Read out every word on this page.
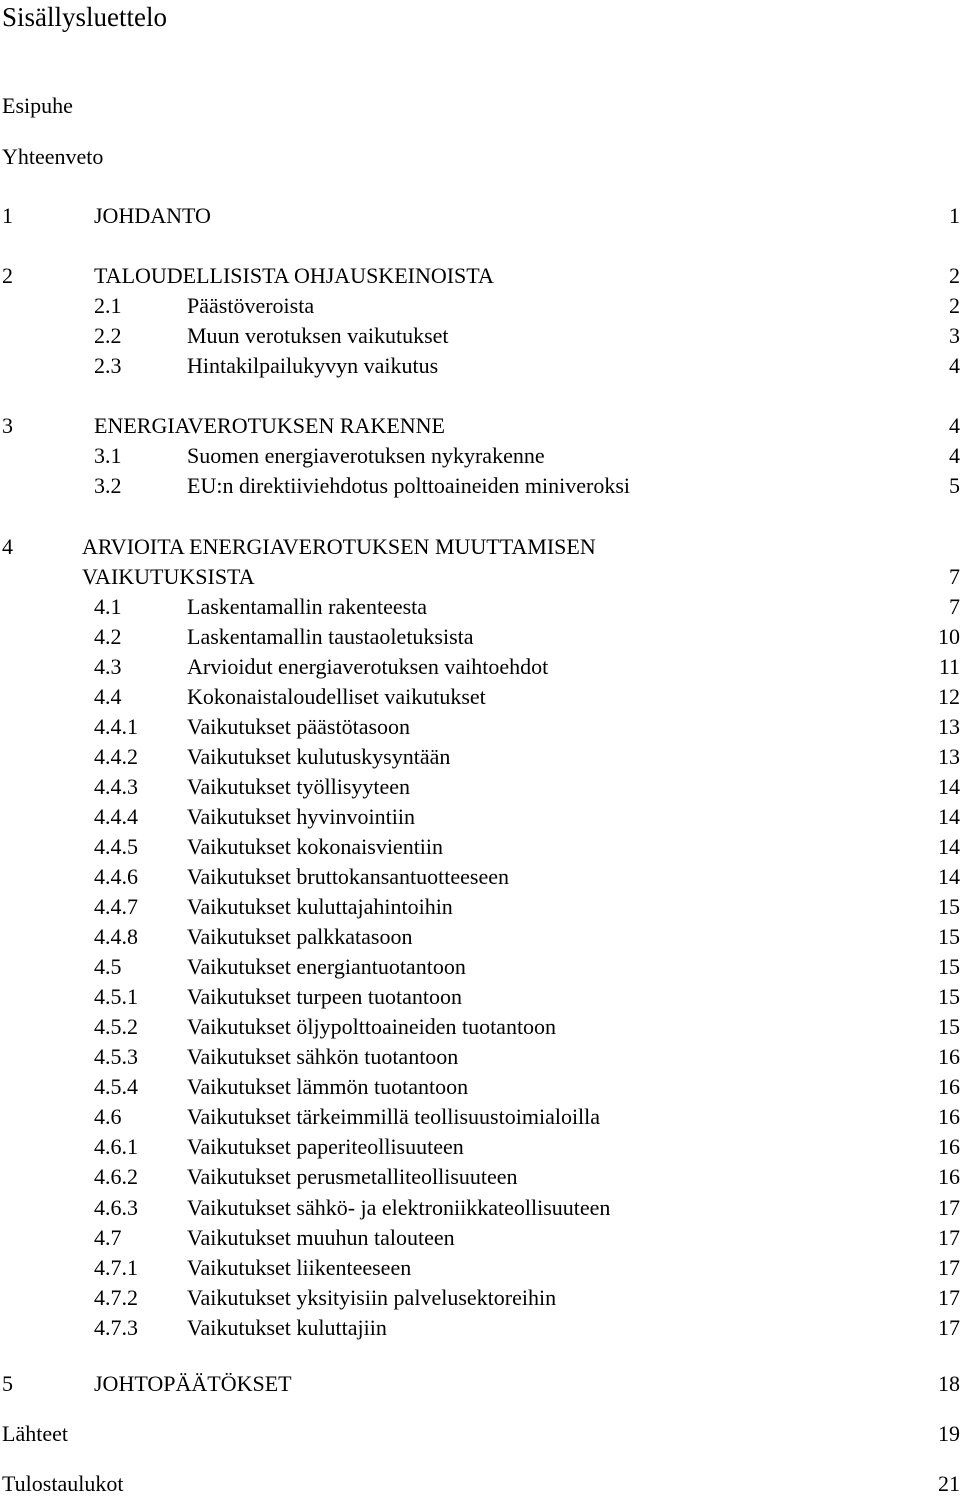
Sisällysluettelo
Esipuhe
Yhteenveto
1	JOHDANTO	1
2	TALOUDELLISISTA OHJAUSKEINOISTA	2
2.1	Päästöveroista	2
2.2	Muun verotuksen vaikutukset	3
2.3	Hintakilpailukyvyn vaikutus	4
3	ENERGIAVEROTUKSEN RAKENNE	4
3.1	Suomen energiaverotuksen nykyrakenne	4
3.2	EU:n direktiiviehdotus polttoaineiden miniveroksi	5
4	ARVIOITA ENERGIAVEROTUKSEN MUUTTAMISEN
VAIKUTUKSISTA	7
4.1	Laskentamallin rakenteesta	7
4.2	Laskentamallin taustaoletuksista	10
4.3	Arvioidut energiaverotuksen vaihtoehdot	11
4.4	Kokonaistaloudelliset vaikutukset	12
4.4.1 Vaikutukset päästötasoon	13
4.4.2 Vaikutukset kulutuskysyntään	13
4.4.3 Vaikutukset työllisyyteen	14
4.4.4 Vaikutukset hyvinvointiin	14
4.4.5 Vaikutukset kokonaisvientiin	14
4.4.6 Vaikutukset bruttokansantuotteeseen	14
4.4.7 Vaikutukset kuluttajahintoihin	15
4.4.8 Vaikutukset palkkatasoon	15
4.5	Vaikutukset energiantuotantoon	15
4.5.1 Vaikutukset turpeen tuotantoon	15
4.5.2 Vaikutukset öljypolttoaineiden tuotantoon	15
4.5.3 Vaikutukset sähkön tuotantoon	16
4.5.4 Vaikutukset lämmön tuotantoon	16
4.6	Vaikutukset tärkeimmillä teollisuustoimialoilla	16
4.6.1 Vaikutukset paperiteollisuuteen	16
4.6.2 Vaikutukset perusmetalliteollisuuteen	16
4.6.3 Vaikutukset sähkö- ja elektroniikkateollisuuteen	17
4.7	Vaikutukset muuhun talouteen	17
4.7.1 Vaikutukset liikenteeseen	17
4.7.2 Vaikutukset yksityisiin palvelusektoreihin	17
4.7.3 Vaikutukset kuluttajiin	17
5	JOHTOPÄÄTÖKSET	18
Lähteet	19
Tulostaulukot	21
